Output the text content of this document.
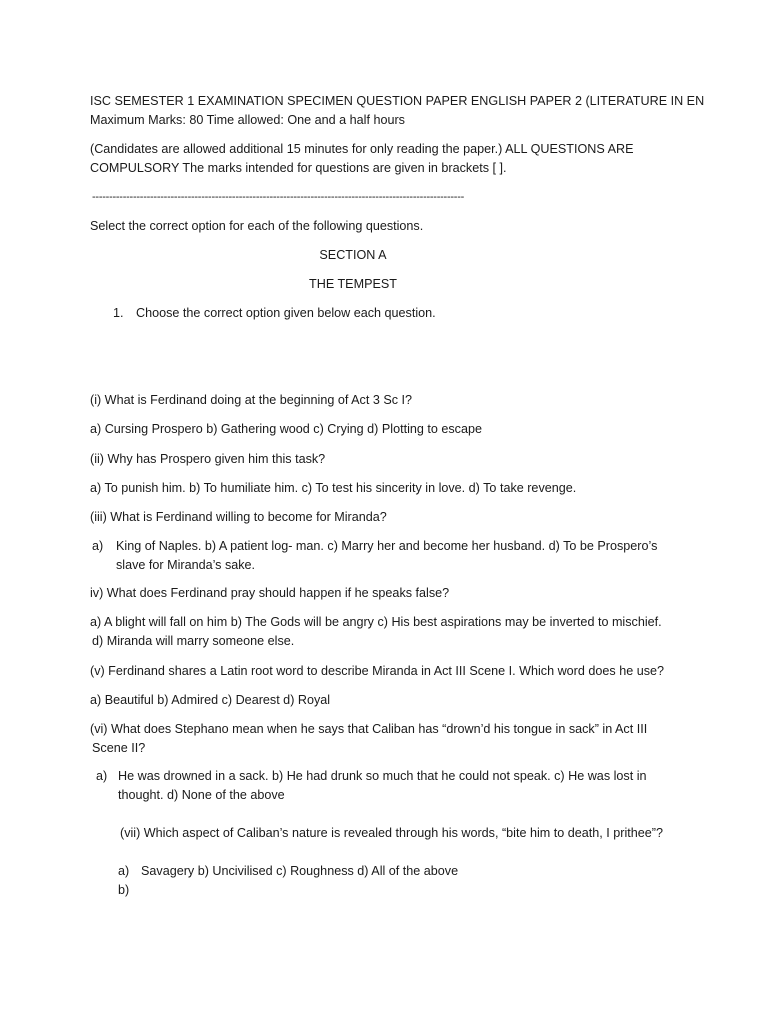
ISC SEMESTER 1 EXAMINATION SPECIMEN QUESTION PAPER ENGLISH PAPER 2 (LITERATURE IN EN

Maximum Marks: 80 Time allowed: One and a half hours

(Candidates are allowed additional 15 minutes for only reading the paper.) ALL QUESTIONS ARE

COMPULSORY The marks intended for questions are given in brackets [ ].

-------------------------------------------------------------------------------------------------------------

Select the correct option for each of the following questions.

SECTION A

THE TEMPEST

1. Choose the correct option given below each question.

(i) What is Ferdinand doing at the beginning of Act 3 Sc I?

a) Cursing Prospero b) Gathering wood c) Crying d) Plotting to escape

(ii) Why has Prospero given him this task?

a) To punish him. b) To humiliate him. c) To test his sincerity in love. d) To take revenge.

(iii) What is Ferdinand willing to become for Miranda?

a) King of Naples. b) A patient log- man. c) Marry her and become her husband. d) To be Prospero’s

slave for Miranda’s sake.

iv) What does Ferdinand pray should happen if he speaks false?

a) A blight will fall on him b) The Gods will be angry c) His best aspirations may be inverted to mischief.

d) Miranda will marry someone else.

(v) Ferdinand shares a Latin root word to describe Miranda in Act III Scene I. Which word does he use?

a) Beautiful b) Admired c) Dearest d) Royal

(vi) What does Stephano mean when he says that Caliban has “drown’d his tongue in sack” in Act III

Scene II?

a) He was drowned in a sack. b) He had drunk so much that he could not speak. c) He was lost in

thought. d) None of the above

(vii) Which aspect of Caliban’s nature is revealed through his words, “bite him to death, I prithee”?

a) Savagery b) Uncivilised c) Roughness d) All of the above

b)
